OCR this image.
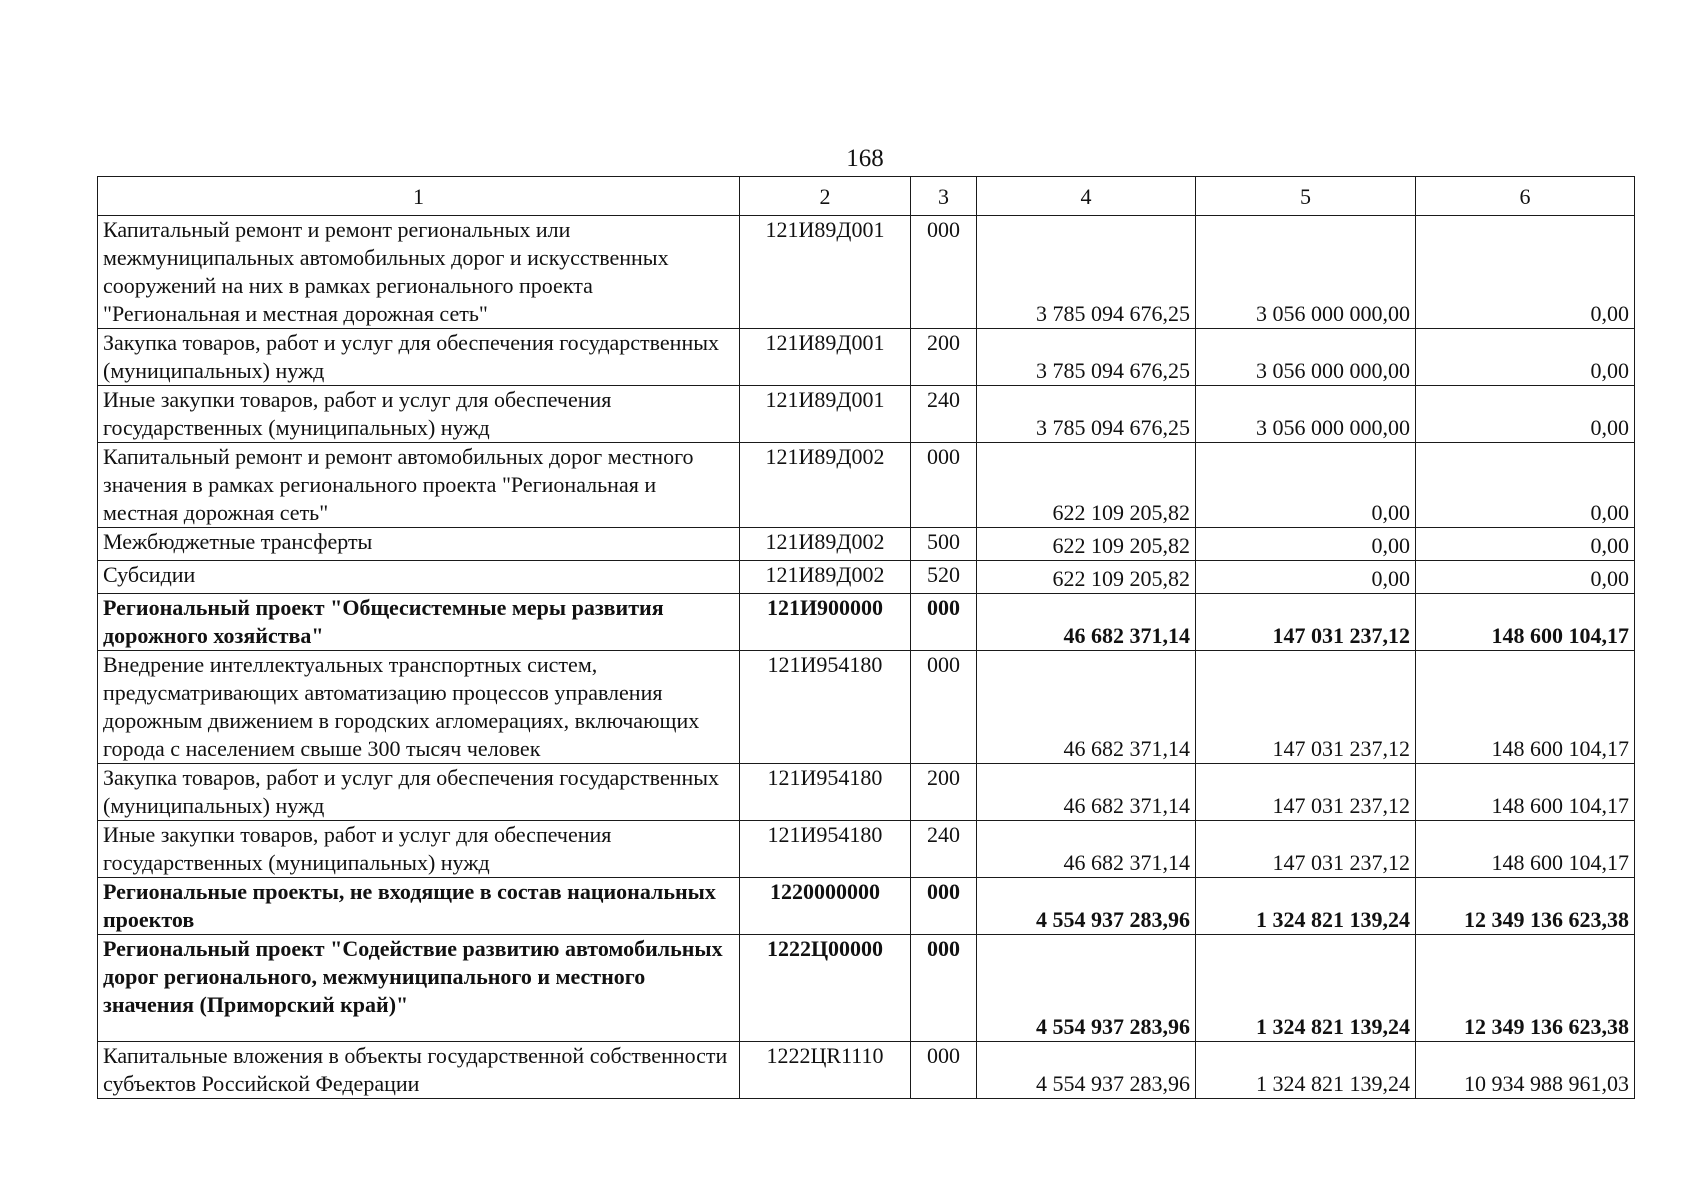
168
1	2	3	4	5	6
Капитальный ремонт и ремонт региональных или межмуниципальных автомобильных дорог и искусственных сооружений на них в рамках регионального проекта "Региональная и местная дорожная сеть"	121И89Д001	000	3 785 094 676,25	3 056 000 000,00	0,00
Закупка товаров, работ и услуг для обеспечения государственных (муниципальных) нужд	121И89Д001	200	3 785 094 676,25	3 056 000 000,00	0,00
Иные закупки товаров, работ и услуг для обеспечения государственных (муниципальных) нужд	121И89Д001	240	3 785 094 676,25	3 056 000 000,00	0,00
Капитальный ремонт и ремонт автомобильных дорог местного значения в рамках регионального проекта "Региональная и местная дорожная сеть"	121И89Д002	000	622 109 205,82	0,00	0,00
Межбюджетные трансферты	121И89Д002	500	622 109 205,82	0,00	0,00
Субсидии	121И89Д002	520	622 109 205,82	0,00	0,00
Региональный проект "Общесистемные меры развития дорожного хозяйства"	121И900000	000	46 682 371,14	147 031 237,12	148 600 104,17
Внедрение интеллектуальных транспортных систем, предусматривающих автоматизацию процессов управления дорожным движением в городских агломерациях, включающих города с населением свыше 300 тысяч человек	121И954180	000	46 682 371,14	147 031 237,12	148 600 104,17
Закупка товаров, работ и услуг для обеспечения государственных (муниципальных) нужд	121И954180	200	46 682 371,14	147 031 237,12	148 600 104,17
Иные закупки товаров, работ и услуг для обеспечения государственных (муниципальных) нужд	121И954180	240	46 682 371,14	147 031 237,12	148 600 104,17
Региональные проекты, не входящие в состав национальных проектов	1220000000	000	4 554 937 283,96	1 324 821 139,24	12 349 136 623,38
Региональный проект "Содействие развитию автомобильных дорог регионального, межмуниципального и местного значения (Приморский край)"	1222Ц00000	000	4 554 937 283,96	1 324 821 139,24	12 349 136 623,38
Капитальные вложения в объекты государственной собственности субъектов Российской Федерации	1222ЦR1110	000	4 554 937 283,96	1 324 821 139,24	10 934 988 961,03
